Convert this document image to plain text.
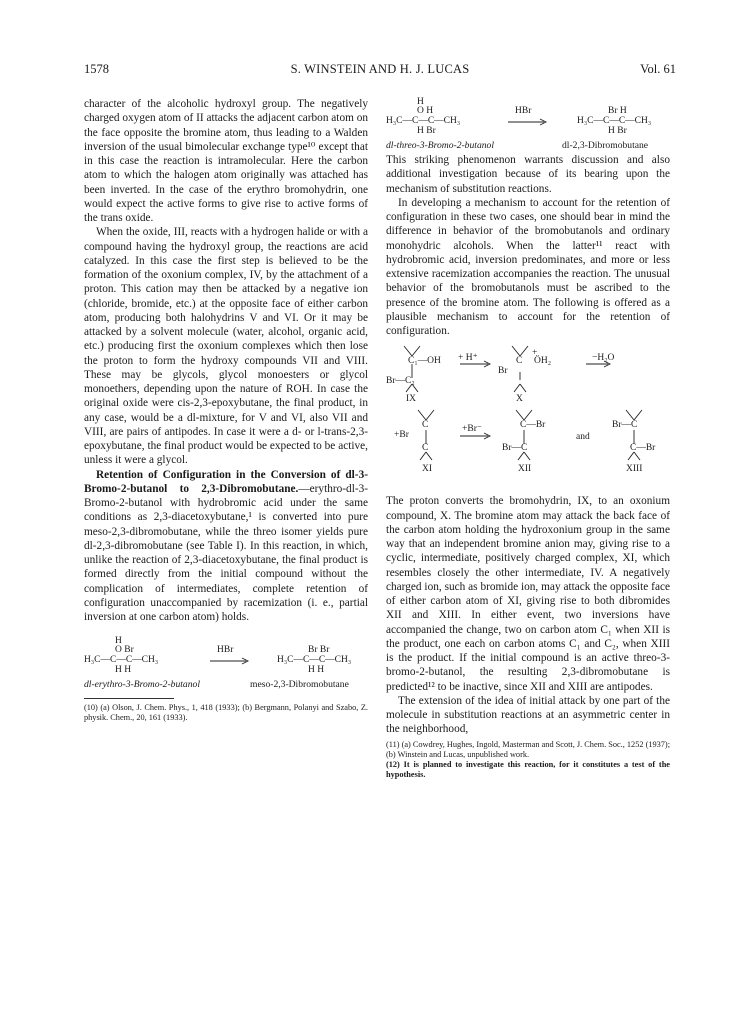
1578	S. WINSTEIN AND H. J. LUCAS	Vol. 61

character of the alcoholic hydroxyl group. The negatively charged oxygen atom of II attacks the adjacent carbon atom on the face opposite the bromine atom, thus leading to a Walden inversion of the usual bimolecular exchange type¹⁰ except that in this case the reaction is intramolecular. Here the carbon atom to which the halogen atom originally was attached has been inverted. In the case of the erythro bromohydrin, one would expect the active forms to give rise to active forms of the trans oxide.

When the oxide, III, reacts with a hydrogen halide or with a compound having the hydroxyl group, the reactions are acid catalyzed. In this case the first step is believed to be the formation of the oxonium complex, IV, by the attachment of a proton. This cation may then be attacked by a negative ion (chloride, bromide, etc.) at the opposite face of either carbon atom, producing both halohydrins V and VI. Or it may be attacked by a solvent molecule (water, alcohol, organic acid, etc.) producing first the oxonium complexes which then lose the proton to form the hydroxy compounds VII and VIII. These may be glycols, glycol monoesters or glycol monoethers, depending upon the nature of ROH. In case the original oxide were cis-2,3-epoxybutane, the final product, in any case, would be a dl-mixture, for V and VI, also VII and VIII, are pairs of antipodes. In case it were a d- or l-trans-2,3-epoxybutane, the final product would be expected to be active, unless it were a glycol.

Retention of Configuration in the Conversion of dl-3-Bromo-2-butanol to 2,3-Dibromobutane.—erythro-dl-3-Bromo-2-butanol with hydrobromic acid under the same conditions as 2,3-diacetoxybutane,¹ is converted into pure meso-2,3-dibromobutane, while the threo isomer yields pure dl-2,3-dibromobutane (see Table I). In this reaction, in which, unlike the reaction of 2,3-diacetoxybutane, the final product is formed directly from the initial compound without the complication of intermediates, complete retention of configuration unaccompanied by racemization (i. e., partial inversion at one carbon atom) holds.

H
O Br
H₃C—C—C—CH₃
H H
HBr	Br Br
H₃C—C—C—CH₃
H H
dl-erythro-3-Bromo-2-butanol	meso-2,3-Dibromobutane

(10) (a) Olson, J. Chem. Phys., 1, 418 (1933); (b) Bergmann, Polanyi and Szabo, Z. physik. Chem., 20, 161 (1933).

H
O H
H₃C—C—C—CH₃
H Br
HBr	Br H
H₃C—C—C—CH₃
H Br
dl-threo-3-Bromo-2-butanol	dl-2,3-Dibromobutane

This striking phenomenon warrants discussion and also additional investigation because of its bearing upon the mechanism of substitution reactions.

In developing a mechanism to account for the retention of configuration in these two cases, one should bear in mind the difference in behavior of the bromobutanols and ordinary monohydric alcohols. When the latter¹¹ react with hydrobromic acid, inversion predominates, and more or less extensive racemization accompanies the reaction. The unusual behavior of the bromobutanols must be ascribed to the presence of the bromine atom. The following is offered as a plausible mechanism to account for the retention of configuration.

C₁—OH + H⁺
Br—C₂
IX
+
C ÖH₂
Br
−H₂O
X
C
+Br
C
+Br⁻	C—Br
Br—C
and
Br—C
C—Br
XI	XII	XIII

The proton converts the bromohydrin, IX, to an oxonium compound, X. The bromine atom may attack the back face of the carbon atom holding the hydroxonium group in the same way that an independent bromine anion may, giving rise to a cyclic, intermediate, positively charged complex, XI, which resembles closely the other intermediate, IV. A negatively charged ion, such as bromide ion, may attack the opposite face of either carbon atom of XI, giving rise to both dibromides XII and XIII. In either event, two inversions have accompanied the change, two on carbon atom C₁ when XII is the product, one each on carbon atoms C₁ and C₂, when XIII is the product. If the initial compound is an active threo-3-bromo-2-butanol, the resulting 2,3-dibromobutane is predicted¹² to be inactive, since XII and XIII are antipodes.

The extension of the idea of initial attack by one part of the molecule in substitution reactions at an asymmetric center in the neighborhood,

(11) (a) Cowdrey, Hughes, Ingold, Masterman and Scott, J. Chem. Soc., 1252 (1937); (b) Winstein and Lucas, unpublished work.

(12) It is planned to investigate this reaction, for it constitutes a test of the hypothesis.
